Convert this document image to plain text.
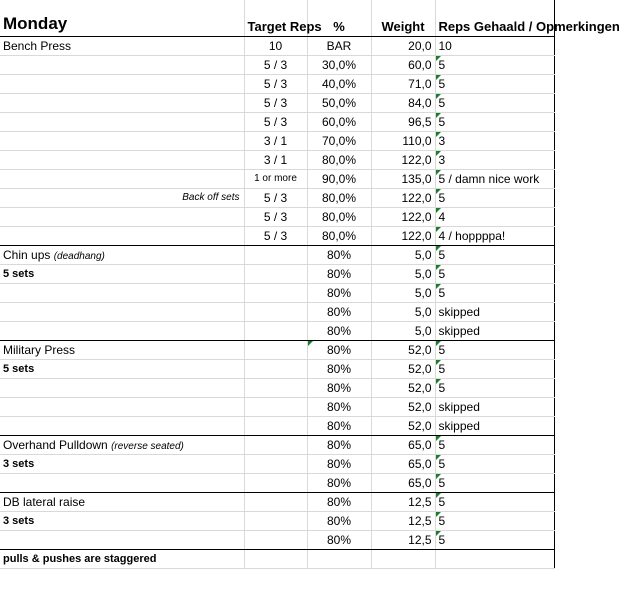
Monday	Target Reps	%	Weight	Reps Gehaald / Opmerkingen
Bench Press	10	BAR	20,0	10
	5 / 3	30,0%	60,0	5
	5 / 3	40,0%	71,0	5
	5 / 3	50,0%	84,0	5
	5 / 3	60,0%	96,5	5
	3 / 1	70,0%	110,0	3
	3 / 1	80,0%	122,0	3
	1 or more	90,0%	135,0	5 / damn nice work

Back off sets	5 / 3	80,0%	122,0	5
	5 / 3	80,0%	122,0	4
	5 / 3	80,0%	122,0	4 / hoppppa!
Chin ups (deadhang)		80%	5,0	5
5 sets		80%	5,0	5
		80%	5,0	5
		80%	5,0	skipped
		80%	5,0	skipped
Military Press		80%	52,0	5
5 sets		80%	52,0	5
		80%	52,0	5
		80%	52,0	skipped
		80%	52,0	skipped
Overhand Pulldown (reverse seated)		80%	65,0	5
3 sets		80%	65,0	5
		80%	65,0	5
DB lateral raise		80%	12,5	5
3 sets		80%	12,5	5
		80%	12,5	5
pulls & pushes are staggered				
